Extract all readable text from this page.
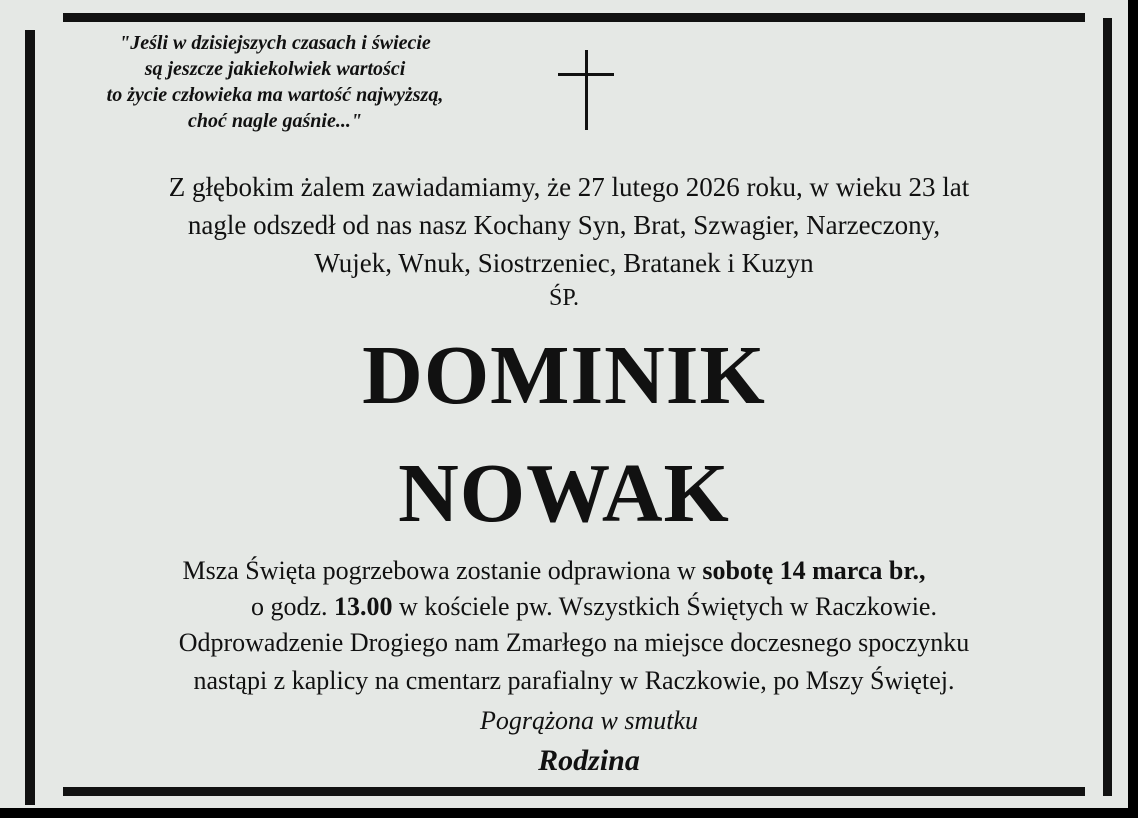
"Jeśli w dzisiejszych czasach i świecie
są jeszcze jakiekolwiek wartości
to życie człowieka ma wartość najwyższą,
choć nagle gaśnie..."
Z głębokim żalem zawiadamiamy, że 27 lutego 2026 roku, w wieku 23 lat
nagle odszedł od nas nasz Kochany Syn, Brat, Szwagier, Narzeczony,
Wujek, Wnuk, Siostrzeniec, Bratanek i Kuzyn
ŚP.
DOMINIK
NOWAK
Msza Święta pogrzebowa zostanie odprawiona w sobotę 14 marca br.,
o godz. 13.00 w kościele pw. Wszystkich Świętych w Raczkowie.
Odprowadzenie Drogiego nam Zmarłego na miejsce doczesnego spoczynku
nastąpi z kaplicy na cmentarz parafialny w Raczkowie, po Mszy Świętej.
Pogrążona w smutku
Rodzina
